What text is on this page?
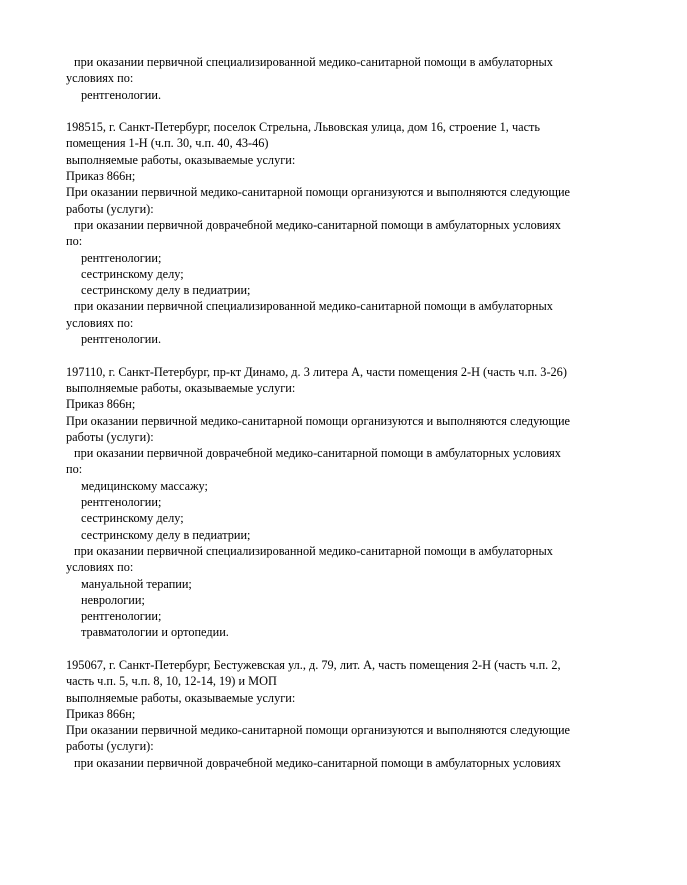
при оказании первичной специализированной медико-санитарной помощи в амбулаторных
условиях по:
рентгенологии.
198515, г. Санкт-Петербург, поселок Стрельна, Львовская улица, дом 16, строение 1, часть
помещения 1-Н (ч.п. 30, ч.п. 40, 43-46)
выполняемые работы, оказываемые услуги:
Приказ 866н;
При оказании первичной медико-санитарной помощи организуются и выполняются следующие
работы (услуги):
при оказании первичной доврачебной медико-санитарной помощи в амбулаторных условиях
по:
рентгенологии;
сестринскому делу;
сестринскому делу в педиатрии;
при оказании первичной специализированной медико-санитарной помощи в амбулаторных
условиях по:
рентгенологии.
197110, г. Санкт-Петербург, пр-кт Динамо, д. 3 литера А, части помещения 2-Н (часть ч.п. 3-26)
выполняемые работы, оказываемые услуги:
Приказ 866н;
При оказании первичной медико-санитарной помощи организуются и выполняются следующие
работы (услуги):
при оказании первичной доврачебной медико-санитарной помощи в амбулаторных условиях
по:
медицинскому массажу;
рентгенологии;
сестринскому делу;
сестринскому делу в педиатрии;
при оказании первичной специализированной медико-санитарной помощи в амбулаторных
условиях по:
мануальной терапии;
неврологии;
рентгенологии;
травматологии и ортопедии.
195067, г. Санкт-Петербург, Бестужевская ул., д. 79, лит. А, часть помещения 2-Н (часть ч.п. 2,
часть ч.п. 5, ч.п. 8, 10, 12-14, 19) и МОП
выполняемые работы, оказываемые услуги:
Приказ 866н;
При оказании первичной медико-санитарной помощи организуются и выполняются следующие
работы (услуги):
при оказании первичной доврачебной медико-санитарной помощи в амбулаторных условиях
